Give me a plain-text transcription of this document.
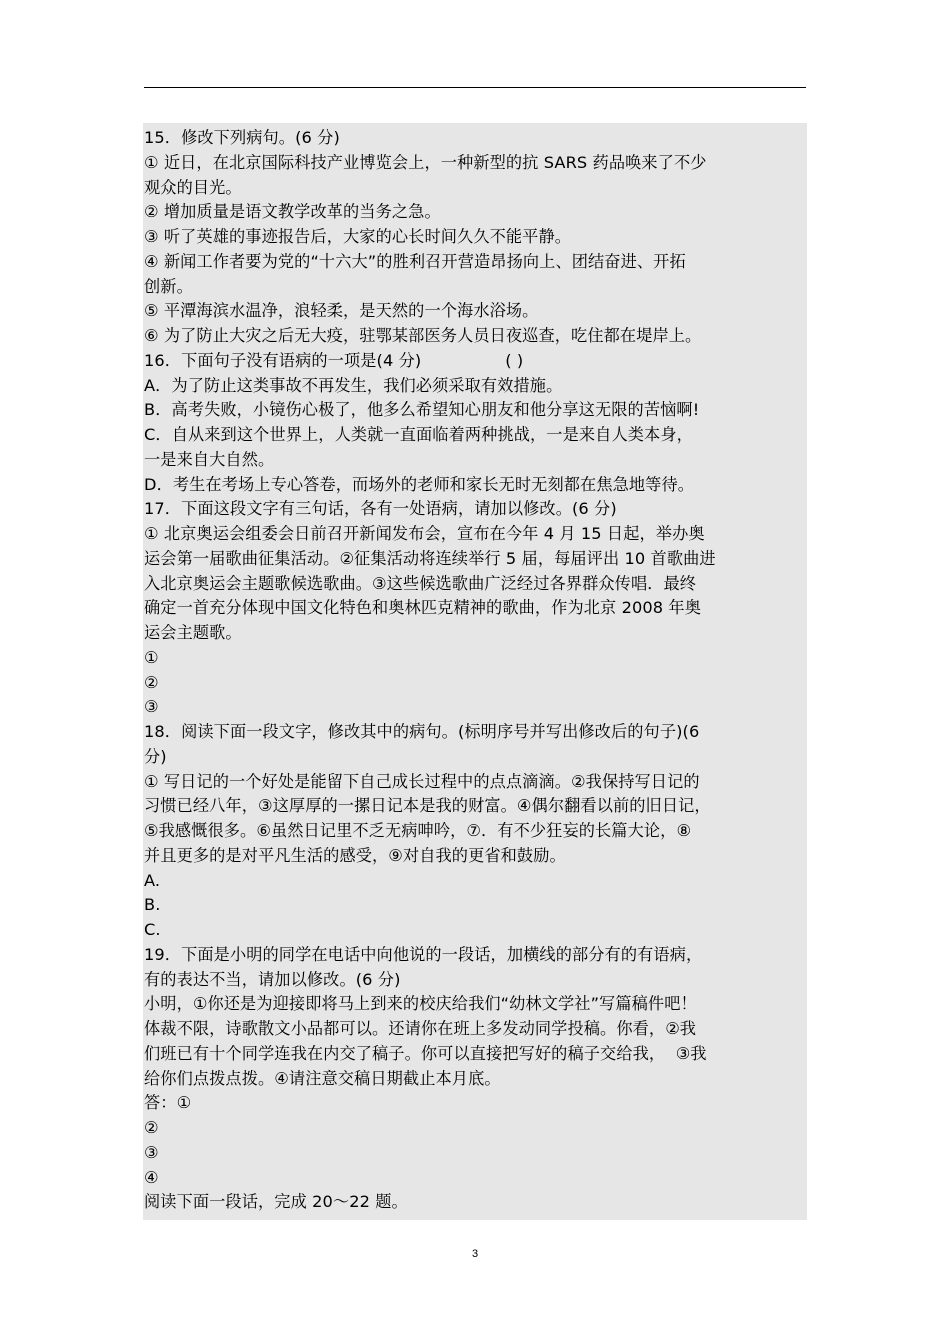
15．修改下列病句。(6 分)
① 近日，在北京国际科技产业博览会上，一种新型的抗 SARS 药品唤来了不少
观众的目光。
② 增加质量是语文教学改革的当务之急。
③ 听了英雄的事迹报告后，大家的心长时间久久不能平静。
④ 新闻工作者要为党的“十六大”的胜利召开营造昂扬向上、团结奋进、开拓
创新。
⑤ 平潭海滨水温净，浪轻柔，是天然的一个海水浴场。
⑥ 为了防止大灾之后无大疫，驻鄂某部医务人员日夜巡查，吃住都在堤岸上。
16．下面句子没有语病的一项是(4 分)                ( )
A．为了防止这类事故不再发生，我们必须采取有效措施。
B．高考失败，小镜伤心极了，他多么希望知心朋友和他分享这无限的苦恼啊!
C．自从来到这个世界上，人类就一直面临着两种挑战，一是来自人类本身，
一是来自大自然。
D．考生在考场上专心答卷，而场外的老师和家长无时无刻都在焦急地等待。
17．下面这段文字有三句话，各有一处语病，请加以修改。(6 分)
① 北京奥运会组委会日前召开新闻发布会，宣布在今年 4 月 15 日起，举办奥
运会第一届歌曲征集活动。②征集活动将连续举行 5 届，每届评出 10 首歌曲进
入北京奥运会主题歌候选歌曲。③这些候选歌曲广泛经过各界群众传唱．最终
确定一首充分体现中国文化特色和奥林匹克精神的歌曲，作为北京 2008 年奥
运会主题歌。
①
②
③
18．阅读下面一段文字，修改其中的病句。(标明序号并写出修改后的句子)(6
分)
① 写日记的一个好处是能留下自己成长过程中的点点滴滴。②我保持写日记的
习惯已经八年，③这厚厚的一摞日记本是我的财富。④偶尔翻看以前的旧日记，
⑤我感慨很多。⑥虽然日记里不乏无病呻吟，⑦．有不少狂妄的长篇大论，⑧
并且更多的是对平凡生活的感受，⑨对自我的更省和鼓励。
A.
B.
C.
19．下面是小明的同学在电话中向他说的一段话，加横线的部分有的有语病，
有的表达不当，请加以修改。(6 分)
小明，①你还是为迎接即将马上到来的校庆给我们“幼林文学社”写篇稿件吧！
体裁不限，诗歌散文小品都可以。还请你在班上多发动同学投稿。你看，②我
们班已有十个同学连我在内交了稿子。你可以直接把写好的稿子交给我，  ③我
给你们点拨点拨。④请注意交稿日期截止本月底。
答：①
②
③
④
阅读下面一段话，完成 20～22 题。
3
